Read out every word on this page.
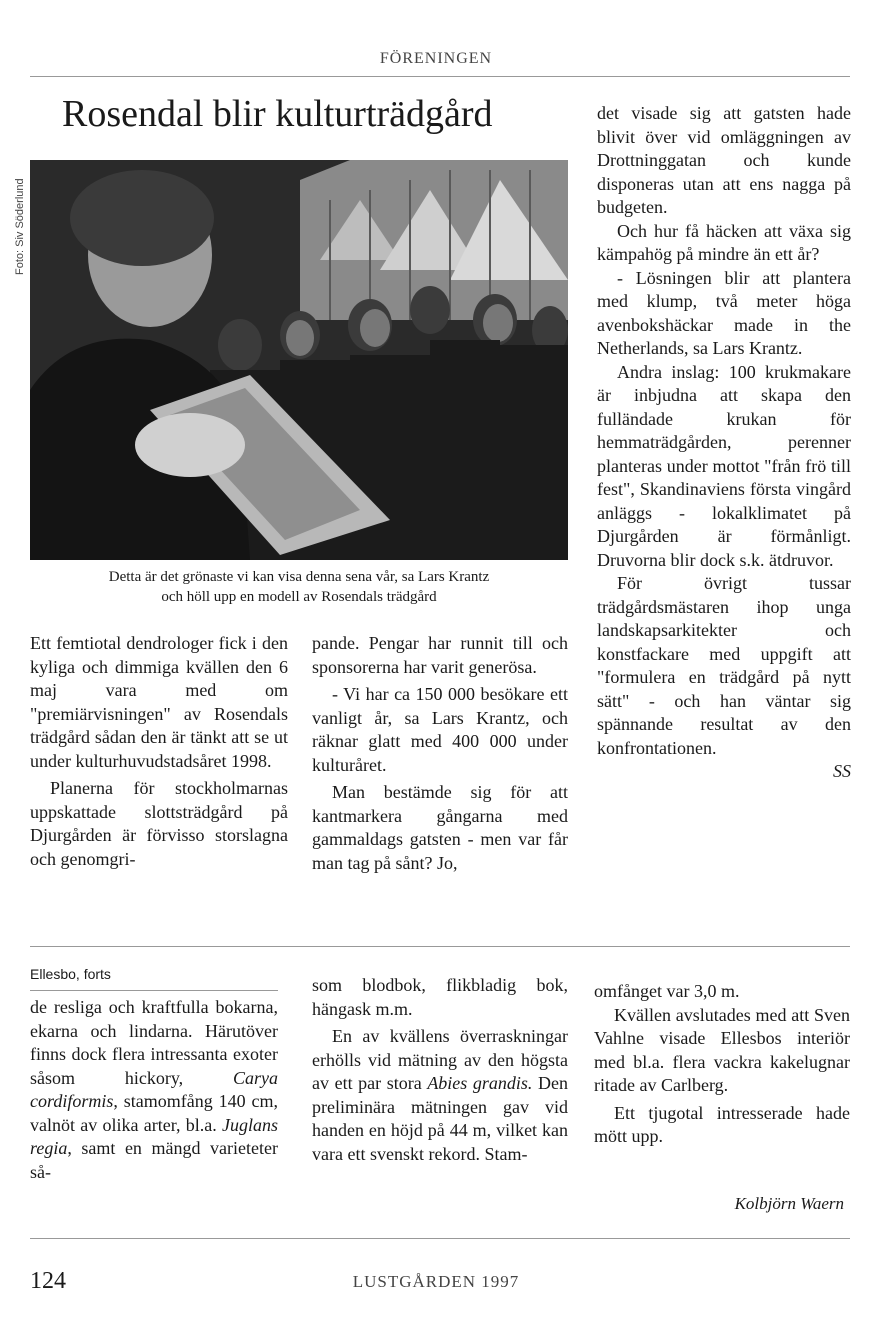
FÖRENINGEN
Rosendal blir kulturträdgård
Foto: Siv Söderlund
Detta är det grönaste vi kan visa denna sena vår, sa Lars Krantz
och höll upp en modell av Rosendals trädgård

Ett femtiotal dendrologer fick i den kyliga och dimmiga kvällen den 6 maj vara med om "premiärvisningen" av Rosendals trädgård sådan den är tänkt att se ut under kulturhuvudstadsåret 1998.

Planerna för stockholmarnas uppskattade slottsträdgård på Djurgården är förvisso storslagna och genomgri-

pande. Pengar har runnit till och sponsorerna har varit generösa.

- Vi har ca 150 000 besökare ett vanligt år, sa Lars Krantz, och räknar glatt med 400 000 under kulturåret.

Man bestämde sig för att kantmarkera gångarna med gammaldags gatsten - men var får man tag på sånt? Jo,

det visade sig att gatsten hade blivit över vid omläggningen av Drottninggatan och kunde disponeras utan att ens nagga på budgeten.

Och hur få häcken att växa sig kämpahög på mindre än ett år?

- Lösningen blir att plantera med klump, två meter höga avenbokshäckar made in the Netherlands, sa Lars Krantz.

Andra inslag: 100 krukmakare är inbjudna att skapa den fulländade krukan för hemmaträdgården, perenner planteras under mottot "från frö till fest", Skandinaviens första vingård anläggs - lokalklimatet på Djurgården är förmånligt. Druvorna blir dock s.k. ätdruvor.

För övrigt tussar trädgårdsmästaren ihop unga landskapsarkitekter och konstfackare med uppgift att "formulera en trädgård på nytt sätt" - och han väntar sig spännande resultat av den konfrontationen.
SS

Ellesbo, forts

de resliga och kraftfulla bokarna, ekarna och lindarna. Härutöver finns dock flera intressanta exoter såsom hickory, Carya cordiformis, stamomfång 140 cm, valnöt av olika arter, bl.a. Juglans regia, samt en mängd varieteter så-

som blodbok, flikbladig bok, hängask m.m.

En av kvällens överraskningar erhölls vid mätning av den högsta av ett par stora Abies grandis. Den preliminära mätningen gav vid handen en höjd på 44 m, vilket kan vara ett svenskt rekord. Stam-

omfånget var 3,0 m.

Kvällen avslutades med att Sven Vahlne visade Ellesbos interiör med bl.a. flera vackra kakelugnar ritade av Carlberg.

Ett tjugotal intresserade hade mött upp.

Kolbjörn Waern
124	LUSTGÅRDEN 1997
